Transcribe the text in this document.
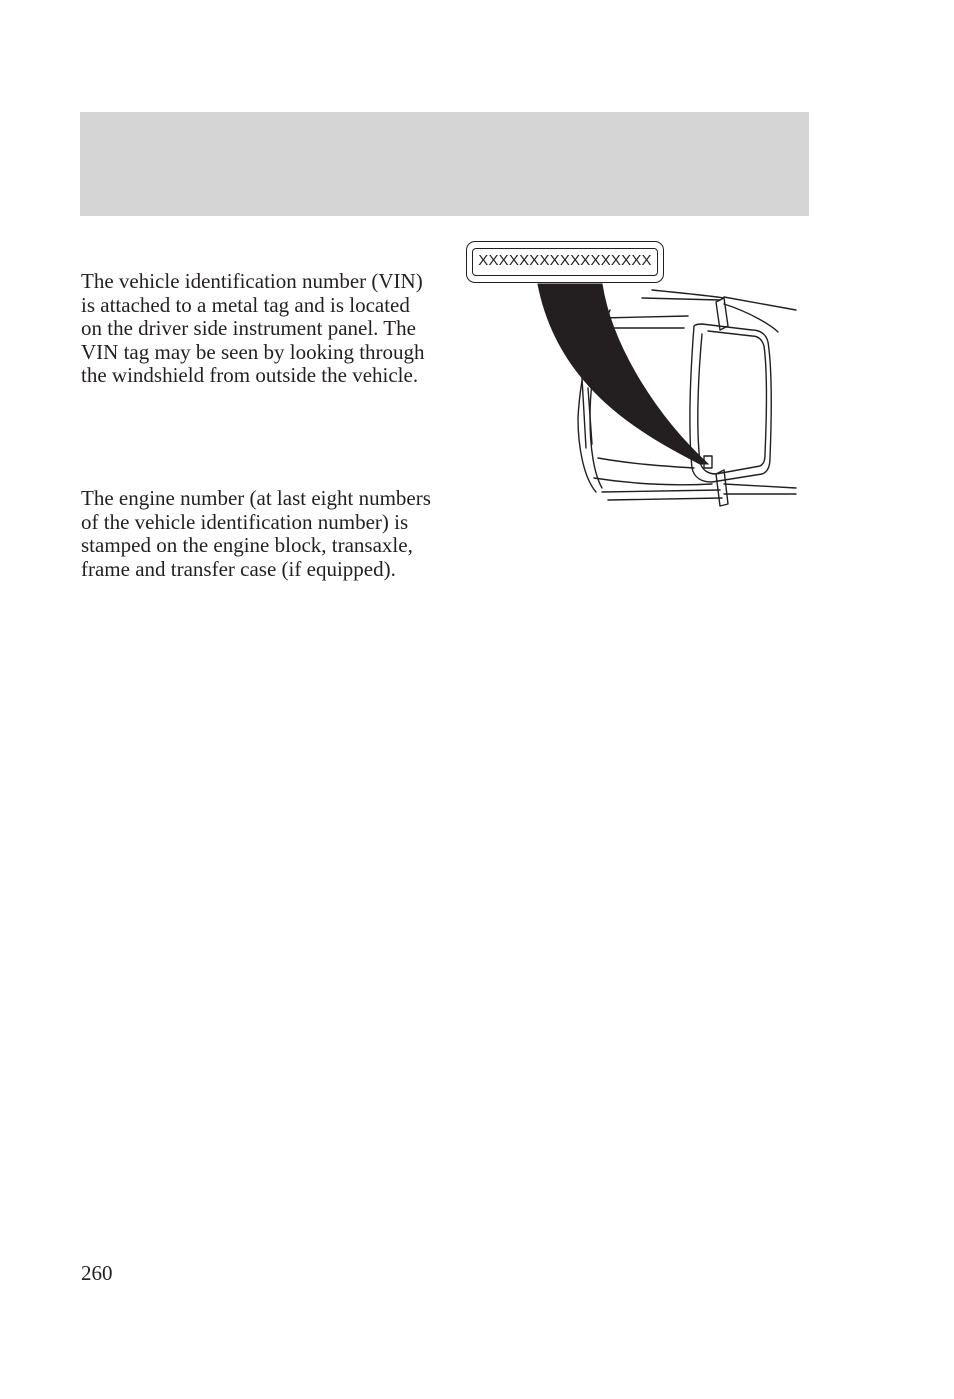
The vehicle identification number (VIN) is attached to a metal tag and is located on the driver side instrument panel. The VIN tag may be seen by looking through the windshield from outside the vehicle.

The engine number (at last eight numbers of the vehicle identification number) is stamped on the engine block, transaxle, frame and transfer case (if equipped).

XXXXXXXXXXXXXXXXX
260
